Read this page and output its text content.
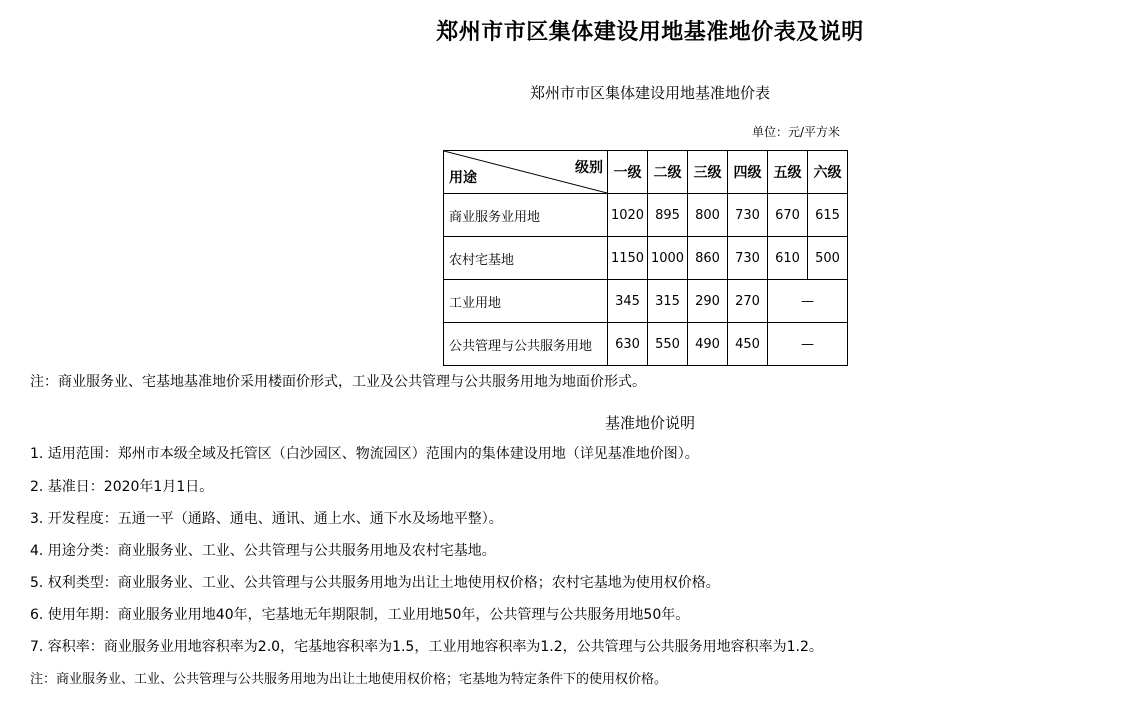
郑州市市区集体建设用地基准地价表及说明
郑州市市区集体建设用地基准地价表
单位：元/平方米
级别
用途	一级	二级	三级	四级	五级	六级
商业服务业用地	1020	895	800	730	670	615
农村宅基地	1150	1000	860	730	610	500
工业用地	345	315	290	270	—	
公共管理与公共服务用地	630	550	490	450	—	
注：商业服务业、宅基地基准地价采用楼面价形式，工业及公共管理与公共服务用地为地面价形式。
基准地价说明
1. 适用范围：郑州市本级全域及托管区（白沙园区、物流园区）范围内的集体建设用地（详见基准地价图）。
2. 基准日：2020年1月1日。
3. 开发程度：五通一平（通路、通电、通讯、通上水、通下水及场地平整）。
4. 用途分类：商业服务业、工业、公共管理与公共服务用地及农村宅基地。
5. 权利类型：商业服务业、工业、公共管理与公共服务用地为出让土地使用权价格；农村宅基地为使用权价格。
6. 使用年期：商业服务业用地40年，宅基地无年期限制，工业用地50年，公共管理与公共服务用地50年。
7. 容积率：商业服务业用地容积率为2.0，宅基地容积率为1.5，工业用地容积率为1.2，公共管理与公共服务用地容积率为1.2。
注：商业服务业、工业、公共管理与公共服务用地为出让土地使用权价格；宅基地为特定条件下的使用权价格。
